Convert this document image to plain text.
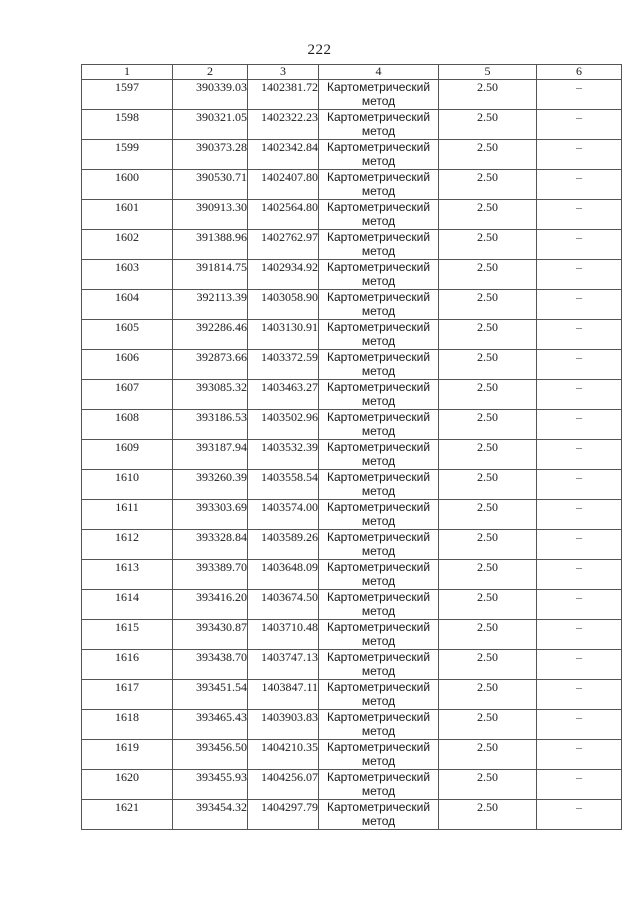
222
1	2	3	4	5	6
1597	390339.03	1402381.72	Картометрический метод	2.50	–
1598	390321.05	1402322.23	Картометрический метод	2.50	–
1599	390373.28	1402342.84	Картометрический метод	2.50	–
1600	390530.71	1402407.80	Картометрический метод	2.50	–
1601	390913.30	1402564.80	Картометрический метод	2.50	–
1602	391388.96	1402762.97	Картометрический метод	2.50	–
1603	391814.75	1402934.92	Картометрический метод	2.50	–
1604	392113.39	1403058.90	Картометрический метод	2.50	–
1605	392286.46	1403130.91	Картометрический метод	2.50	–
1606	392873.66	1403372.59	Картометрический метод	2.50	–
1607	393085.32	1403463.27	Картометрический метод	2.50	–
1608	393186.53	1403502.96	Картометрический метод	2.50	–
1609	393187.94	1403532.39	Картометрический метод	2.50	–
1610	393260.39	1403558.54	Картометрический метод	2.50	–
1611	393303.69	1403574.00	Картометрический метод	2.50	–
1612	393328.84	1403589.26	Картометрический метод	2.50	–
1613	393389.70	1403648.09	Картометрический метод	2.50	–
1614	393416.20	1403674.50	Картометрический метод	2.50	–
1615	393430.87	1403710.48	Картометрический метод	2.50	–
1616	393438.70	1403747.13	Картометрический метод	2.50	–
1617	393451.54	1403847.11	Картометрический метод	2.50	–
1618	393465.43	1403903.83	Картометрический метод	2.50	–
1619	393456.50	1404210.35	Картометрический метод	2.50	–
1620	393455.93	1404256.07	Картометрический метод	2.50	–
1621	393454.32	1404297.79	Картометрический метод	2.50	–
